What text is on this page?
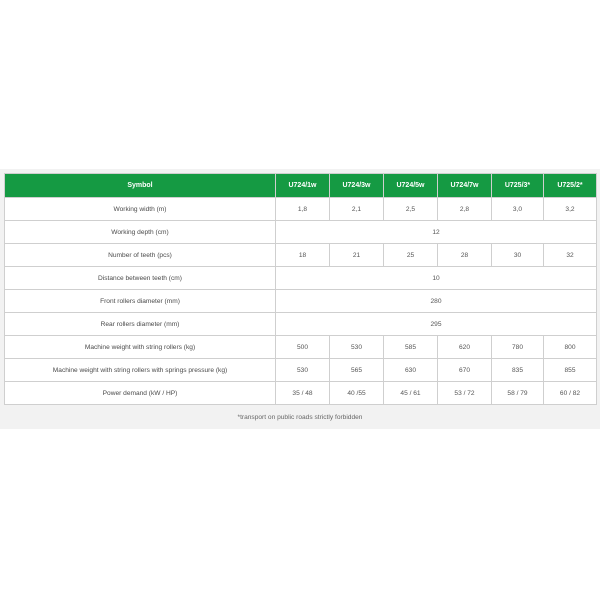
Symbol	U724/1w	U724/3w	U724/5w	U724/7w	U725/3*	U725/2*
Working width (m)	1,8	2,1	2,5	2,8	3,0	3,2
Working depth (cm)	12					
Number of teeth (pcs)	18	21	25	28	30	32
Distance between teeth (cm)	10					
Front rollers diameter (mm)	280					
Rear rollers diameter (mm)	295					
Machine weight with string rollers (kg)	500	530	585	620	780	800
Machine weight with string rollers with springs pressure (kg)	530	565	630	670	835	855
Power demand (kW / HP)	35 / 48	40 /55	45 / 61	53 / 72	58 / 79	60 / 82
*transport on public roads strictly forbidden
